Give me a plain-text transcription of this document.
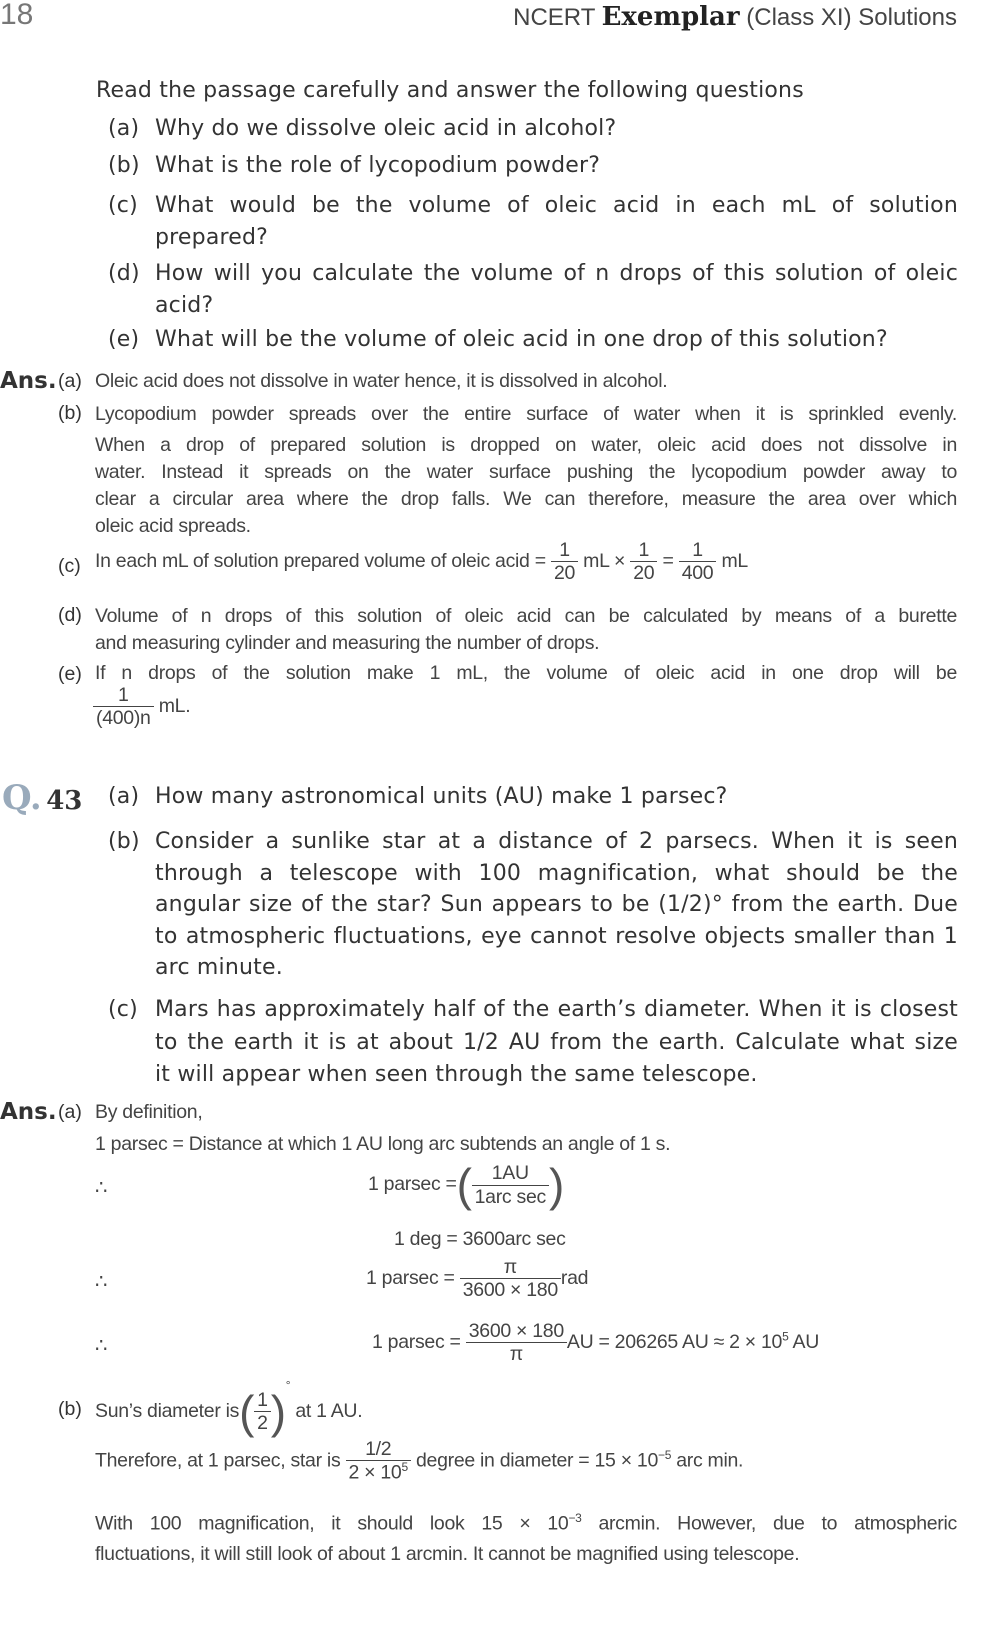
18	NCERT Exemplar (Class XI) Solutions
Read the passage carefully and answer the following questions
(a) Why do we dissolve oleic acid in alcohol?
(b) What is the role of lycopodium powder?
(c) What would be the volume of oleic acid in each mL of solution
prepared?
(d) How will you calculate the volume of n drops of this solution of oleic
acid?
(e) What will be the volume of oleic acid in one drop of this solution?
Ans. (a) Oleic acid does not dissolve in water hence, it is dissolved in alcohol.
(b) Lycopodium powder spreads over the entire surface of water when it is sprinkled evenly.
When a drop of prepared solution is dropped on water, oleic acid does not dissolve in
water. Instead it spreads on the water surface pushing the lycopodium powder away to
clear a circular area where the drop falls. We can therefore, measure the area over which
oleic acid spreads.
(c) In each mL of solution prepared volume of oleic acid = $\frac{1}{20}$ mL × $\frac{1}{20} = \frac{1}{400}$ mL
(d) Volume of n drops of this solution of oleic acid can be calculated by means of a burette
and measuring cylinder and measuring the number of drops.
(e) If n drops of the solution make 1 mL, the volume of oleic acid in one drop will be
$\frac{1}{(400)n}$ mL.
Q. 43 (a) How many astronomical units (AU) make 1 parsec?
(b) Consider a sunlike star at a distance of 2 parsecs. When it is seen
through a telescope with 100 magnification, what should be the
angular size of the star? Sun appears to be (1/2)° from the earth. Due
to atmospheric fluctuations, eye cannot resolve objects smaller than 1
arc minute.
(c) Mars has approximately half of the earth’s diameter. When it is closest
to the earth it is at about 1/2 AU from the earth. Calculate what size
it will appear when seen through the same telescope.
Ans. (a) By definition,
1 parsec = Distance at which 1 AU long arc subtends an angle of 1 s.
∴	1 parsec =(	1AU
1arc sec )
1 deg = 3600arc sec
∴	1 $parsec = \frac{\pi}{3600 \times 180}$ rad
∴	1 $parsec = \frac{3600 \times 180}{\pi}$ AU = 206265 AU ≈ $2 \times 10^5$ AU
(b) Sun’s diameter $is( \frac{1}{2} )^\circ$ at 1 AU.
Therefore, at 1 parsec, star is $\frac{1/2}{2 \times 10^5}$ degree in diameter = $15 \times 10^{-5}$ arc min.
With 100 magnification, it should look $15 \times 10^{-3}$ arcmin. However, due to atmospheric
fluctuations, it will still look of about 1 arcmin. It cannot be magnified using telescope.
